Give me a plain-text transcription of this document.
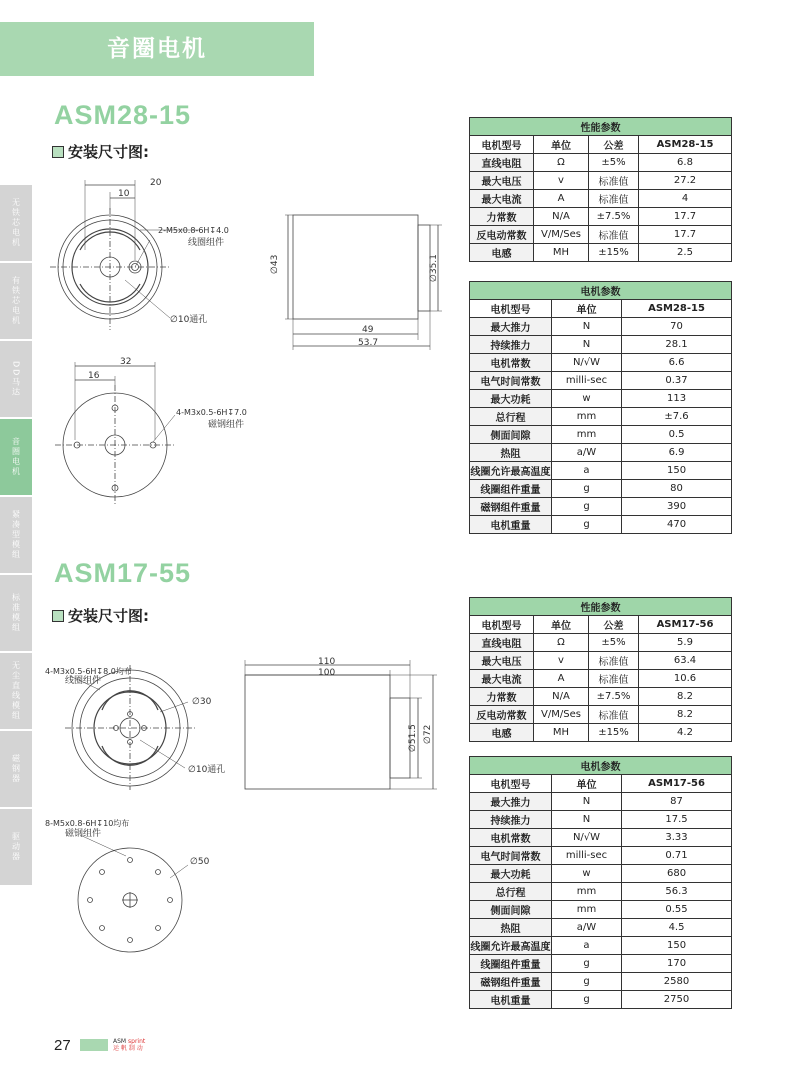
音圈电机
无铁芯电机
有铁芯电机
DD马达
音圈电机
紧凑型模组
标准模组
无尘直线模组
磁钢器
驱动器
ASM28-15
安装尺寸图:
20
10
2-M5x0.8-6H↧4.0
线圈组件
∅10通孔
∅43	∅35.1
49
53.7
32
16
4-M3x0.5-6H↧7.0
磁钢组件
性能参数			
电机型号	单位	公差	ASM28-15
直线电阻	Ω	±5%	6.8
最大电压	v	标准值	27.2
最大电流	A	标准值	4
力常数	N/A	±7.5%	17.7
反电动常数	V/M/Ses	标准值	17.7
电感	MH	±15%	2.5
电机参数		
电机型号	单位	ASM28-15
最大推力	N	70
持续推力	N	28.1
电机常数	N/√W	6.6
电气时间常数	milli-sec	0.37
最大功耗	w	113
总行程	mm	±7.6
侧面间隙	mm	0.5
热阻	a/W	6.9
线圈允许最高温度	a	150
线圈组件重量	g	80
磁钢组件重量	g	390
电机重量	g	470
ASM17-55
安装尺寸图:
4-M3x0.5-6H↧8.0均布
线圈组件
∅30
∅10通孔
110
100
∅51.5 ∅72
8-M5x0.8-6H↧10均布
磁钢组件
∅50
性能参数			
电机型号	单位	公差	ASM17-56
直线电阻	Ω	±5%	5.9
最大电压	v	标准值	63.4
最大电流	A	标准值	10.6
力常数	N/A	±7.5%	8.2
反电动常数	V/M/Ses	标准值	8.2
电感	MH	±15%	4.2
电机参数		
电机型号	单位	ASM17-56
最大推力	N	87
持续推力	N	17.5
电机常数	N/√W	3.33
电气时间常数	milli-sec	0.71
最大功耗	w	680
总行程	mm	56.3
侧面间隙	mm	0.55
热阻	a/W	4.5
线圈允许最高温度	a	150
线圈组件重量	g	170
磁钢组件重量	g	2580
电机重量	g	2750
27	ASM sprint
运 帆 制 动
